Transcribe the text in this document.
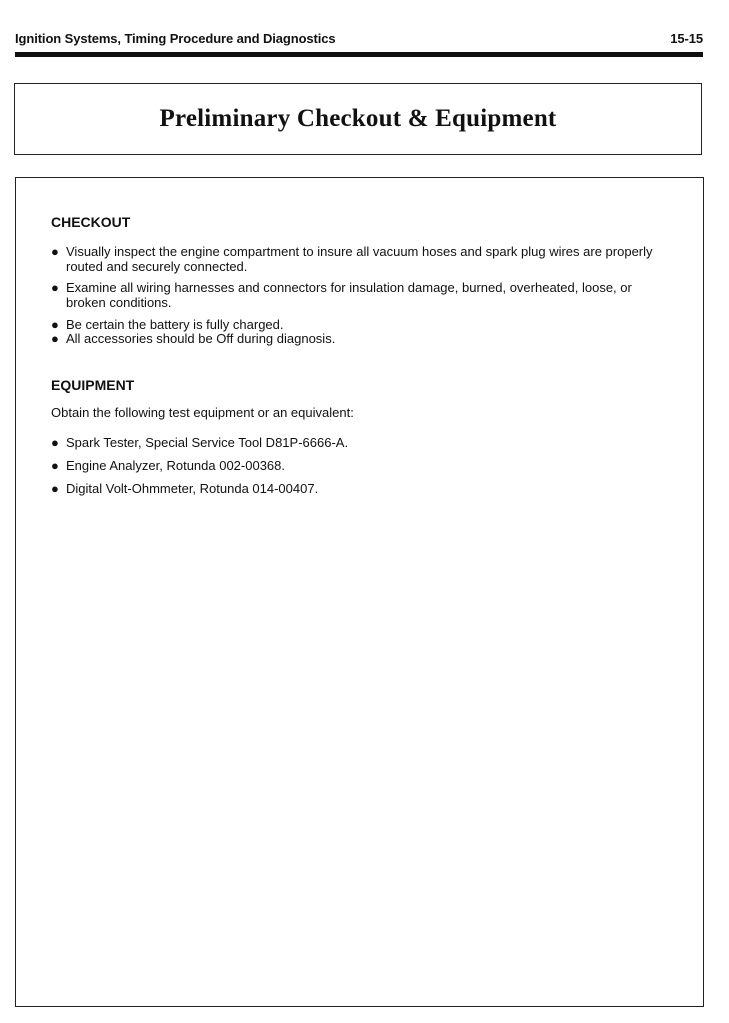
Ignition Systems, Timing Procedure and Diagnostics	15-15
Preliminary Checkout & Equipment
CHECKOUT
● Visually inspect the engine compartment to insure all vacuum hoses and spark plug wires are properly routed and securely connected.
● Examine all wiring harnesses and connectors for insulation damage, burned, overheated, loose, or broken conditions.
● Be certain the battery is fully charged.
● All accessories should be Off during diagnosis.
EQUIPMENT
Obtain the following test equipment or an equivalent:
● Spark Tester, Special Service Tool D81P-6666-A.
● Engine Analyzer, Rotunda 002-00368.
● Digital Volt-Ohmmeter, Rotunda 014-00407.
